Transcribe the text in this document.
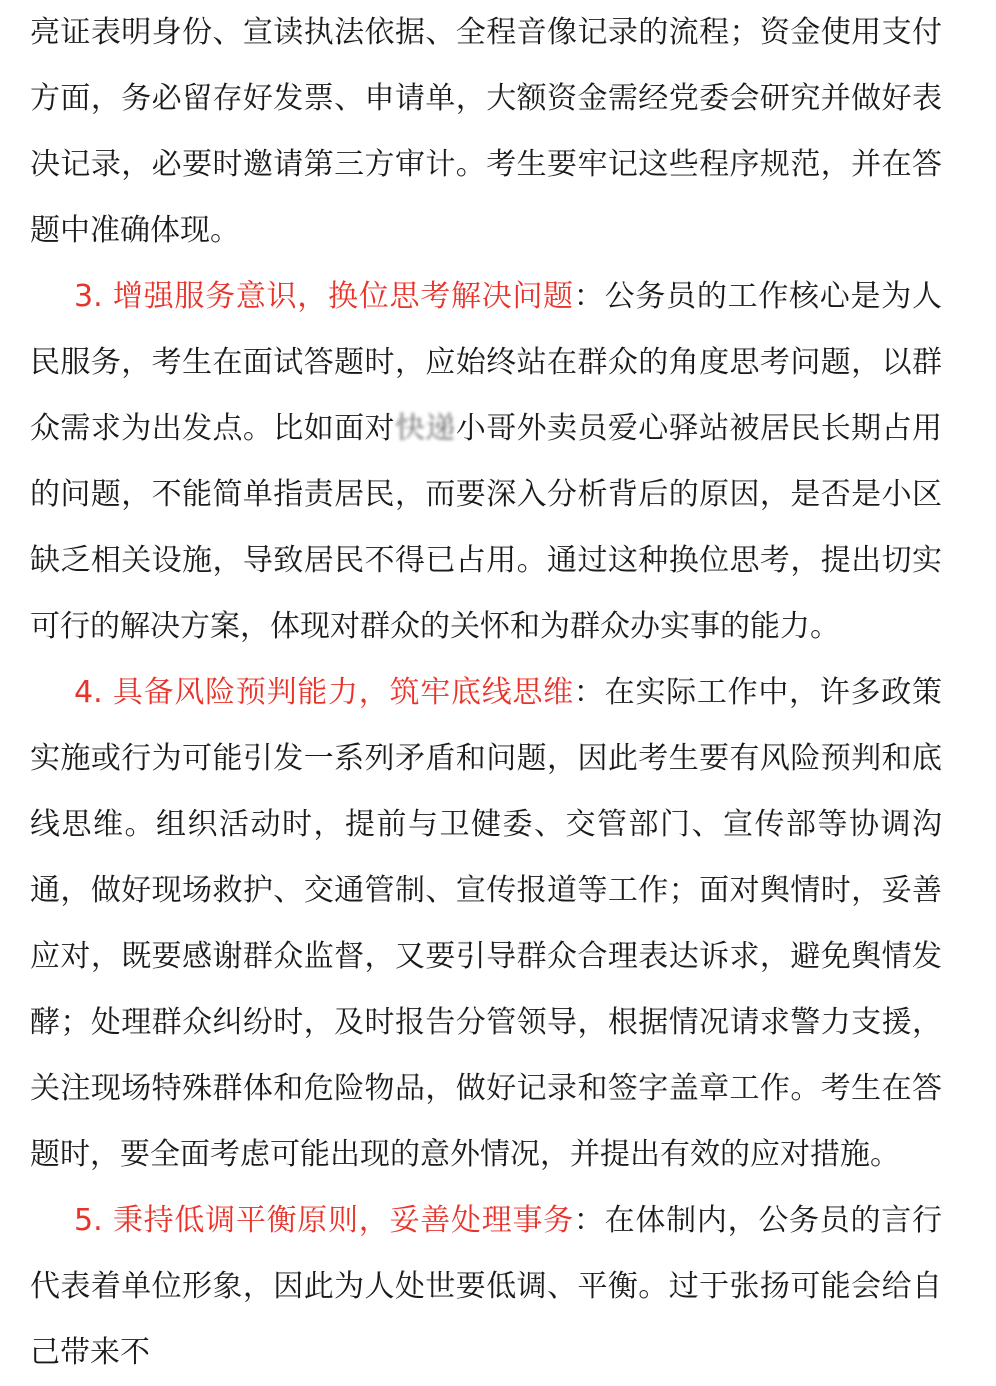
亮证表明身份、宣读执法依据、全程音像记录的流程；资金使用支付方面，务必留存好发票、申请单，大额资金需经党委会研究并做好表决记录，必要时邀请第三方审计。考生要牢记这些程序规范，并在答题中准确体现。

3. 增强服务意识，换位思考解决问题：公务员的工作核心是为人民服务，考生在面试答题时，应始终站在群众的角度思考问题，以群众需求为出发点。比如面对快递小哥外卖员爱心驿站被居民长期占用的问题，不能简单指责居民，而要深入分析背后的原因，是否是小区缺乏相关设施，导致居民不得已占用。通过这种换位思考，提出切实可行的解决方案，体现对群众的关怀和为群众办实事的能力。

4. 具备风险预判能力，筑牢底线思维：在实际工作中，许多政策实施或行为可能引发一系列矛盾和问题，因此考生要有风险预判和底线思维。组织活动时，提前与卫健委、交管部门、宣传部等协调沟通，做好现场救护、交通管制、宣传报道等工作；面对舆情时，妥善应对，既要感谢群众监督，又要引导群众合理表达诉求，避免舆情发酵；处理群众纠纷时，及时报告分管领导，根据情况请求警力支援，关注现场特殊群体和危险物品，做好记录和签字盖章工作。考生在答题时，要全面考虑可能出现的意外情况，并提出有效的应对措施。

5. 秉持低调平衡原则，妥善处理事务：在体制内，公务员的言行代表着单位形象，因此为人处世要低调、平衡。过于张扬可能会给自己带来不
